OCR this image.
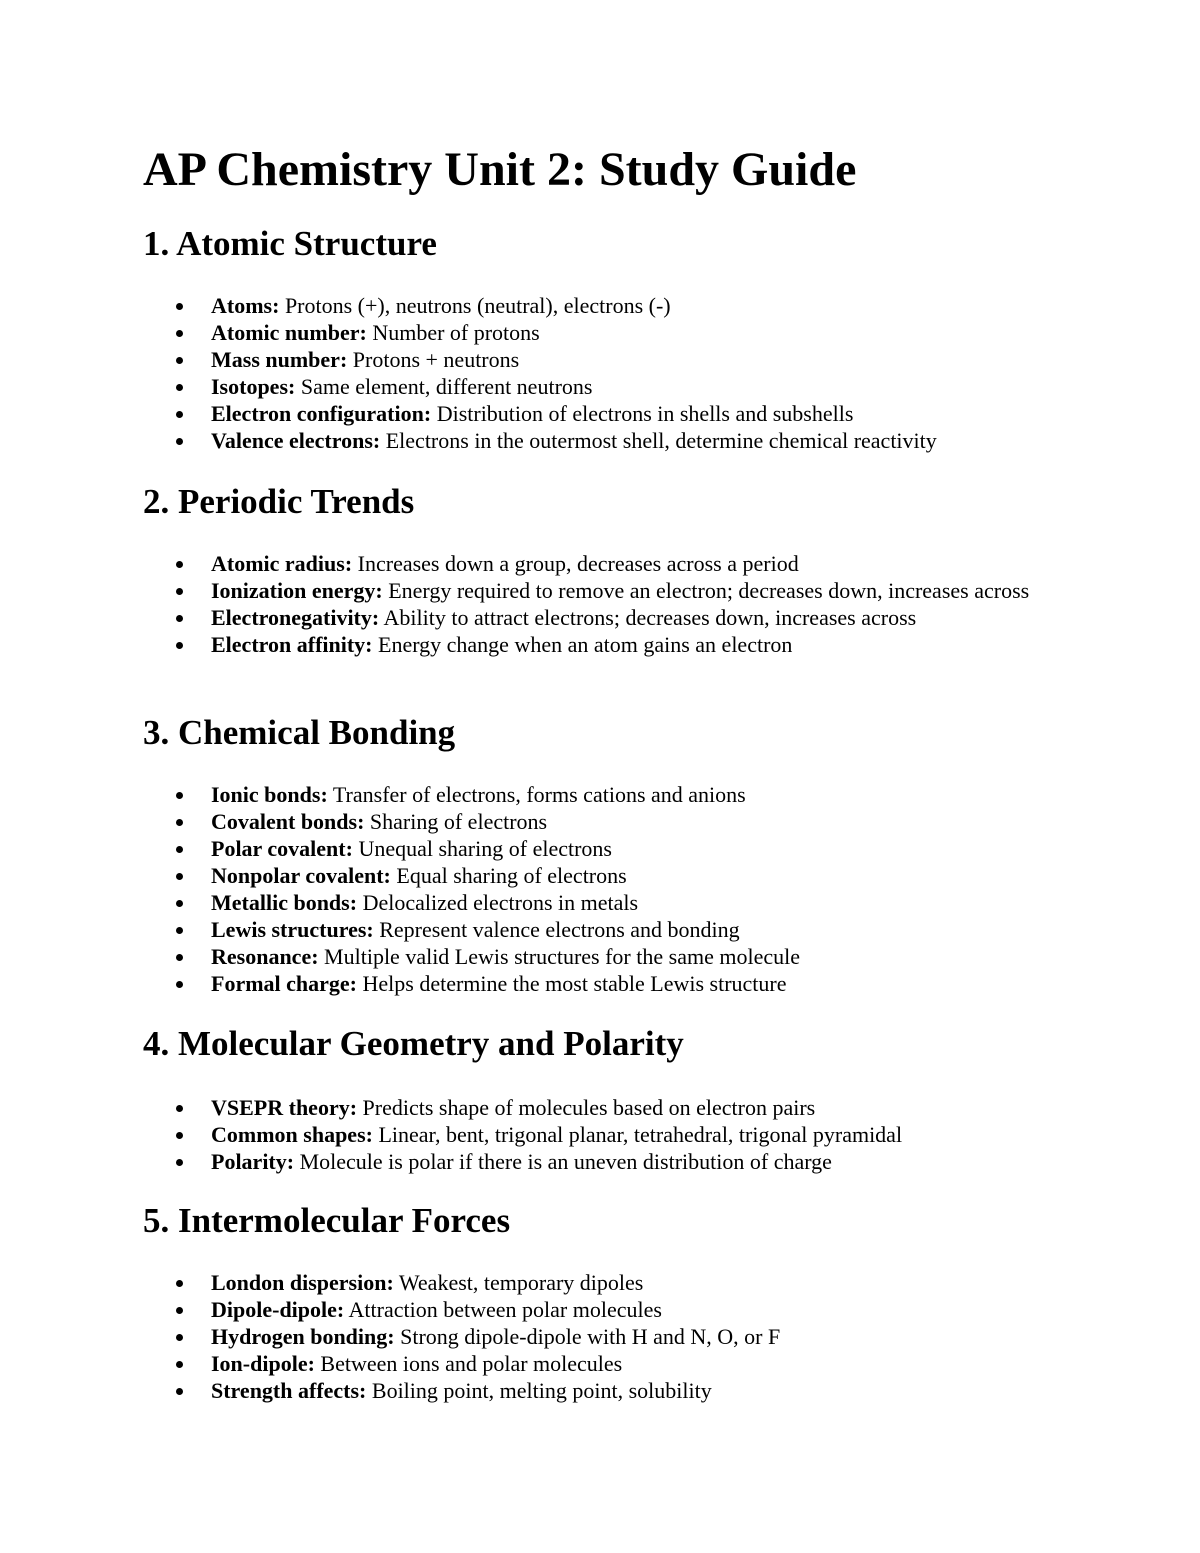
AP Chemistry Unit 2: Study Guide
1. Atomic Structure
Atoms: Protons (+), neutrons (neutral), electrons (-)
Atomic number: Number of protons
Mass number: Protons + neutrons
Isotopes: Same element, different neutrons
Electron configuration: Distribution of electrons in shells and subshells
Valence electrons: Electrons in the outermost shell, determine chemical reactivity
2. Periodic Trends
Atomic radius: Increases down a group, decreases across a period
Ionization energy: Energy required to remove an electron; decreases down, increases across
Electronegativity: Ability to attract electrons; decreases down, increases across
Electron affinity: Energy change when an atom gains an electron
3. Chemical Bonding
Ionic bonds: Transfer of electrons, forms cations and anions
Covalent bonds: Sharing of electrons
Polar covalent: Unequal sharing of electrons
Nonpolar covalent: Equal sharing of electrons
Metallic bonds: Delocalized electrons in metals
Lewis structures: Represent valence electrons and bonding
Resonance: Multiple valid Lewis structures for the same molecule
Formal charge: Helps determine the most stable Lewis structure
4. Molecular Geometry and Polarity
VSEPR theory: Predicts shape of molecules based on electron pairs
Common shapes: Linear, bent, trigonal planar, tetrahedral, trigonal pyramidal
Polarity: Molecule is polar if there is an uneven distribution of charge
5. Intermolecular Forces
London dispersion: Weakest, temporary dipoles
Dipole-dipole: Attraction between polar molecules
Hydrogen bonding: Strong dipole-dipole with H and N, O, or F
Ion-dipole: Between ions and polar molecules
Strength affects: Boiling point, melting point, solubility
